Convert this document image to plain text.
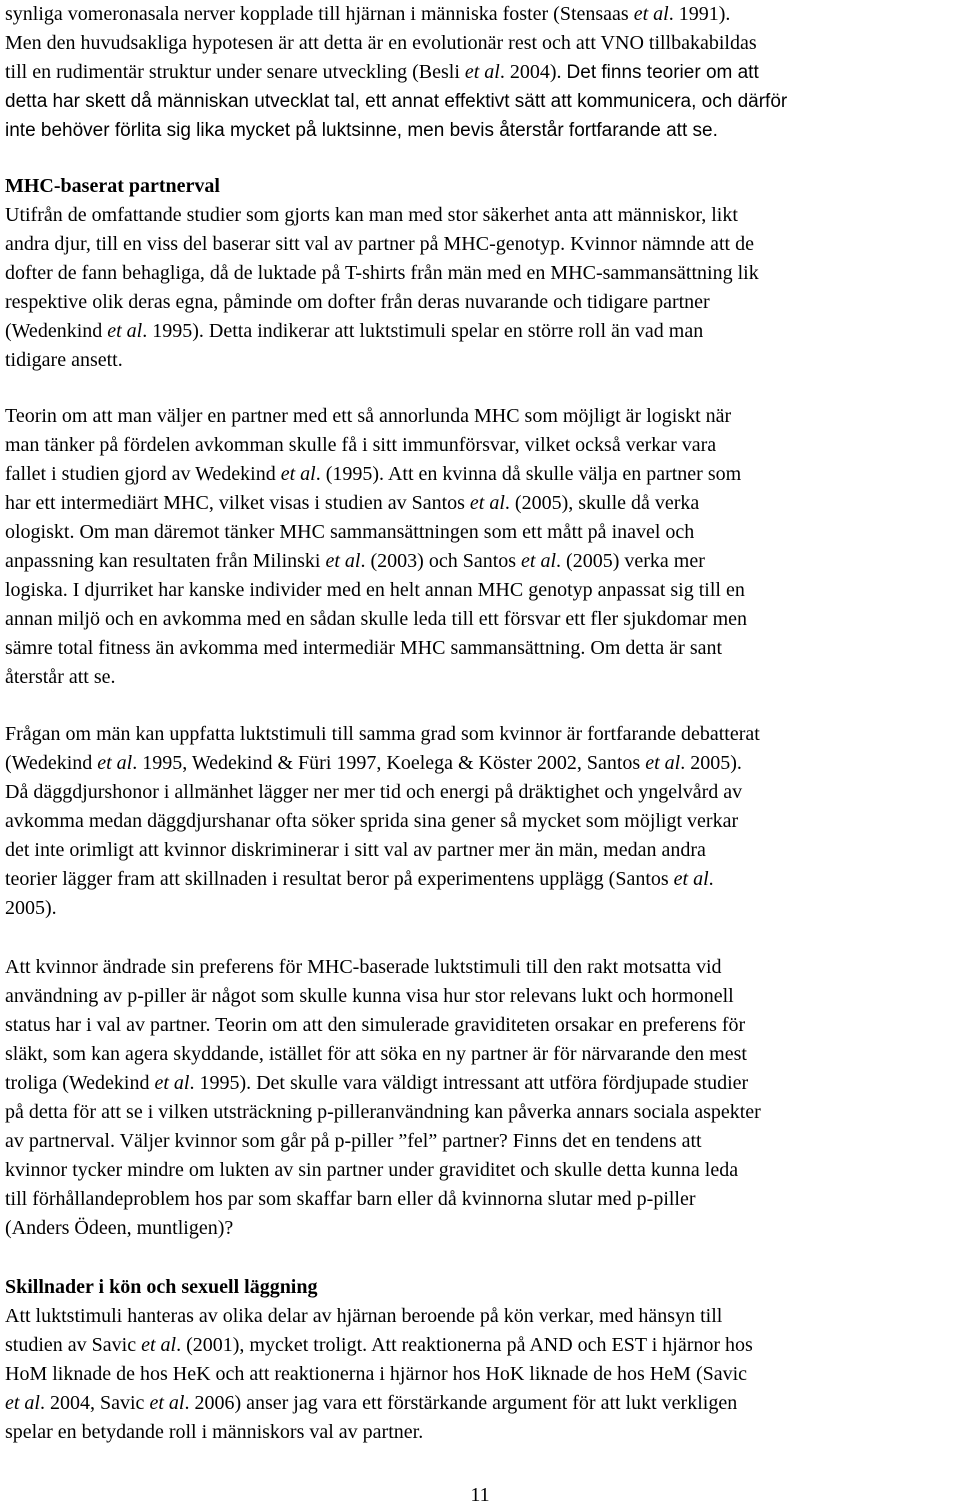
synliga vomeronasala nerver kopplade till hjärnan i människa foster (Stensaas et al. 1991).
Men den huvudsakliga hypotesen är att detta är en evolutionär rest och att VNO tillbakabildas
till en rudimentär struktur under senare utveckling (Besli et al. 2004). Det finns teorier om att
detta har skett då människan utvecklat tal, ett annat effektivt sätt att kommunicera, och därför
inte behöver förlita sig lika mycket på luktsinne, men bevis återstår fortfarande att se.
MHC-baserat partnerval
Utifrån de omfattande studier som gjorts kan man med stor säkerhet anta att människor, likt
andra djur, till en viss del baserar sitt val av partner på MHC-genotyp. Kvinnor nämnde att de
dofter de fann behagliga, då de luktade på T-shirts från män med en MHC-sammansättning lik
respektive olik deras egna, påminde om dofter från deras nuvarande och tidigare partner
(Wedenkind et al. 1995). Detta indikerar att luktstimuli spelar en större roll än vad man
tidigare ansett.
Teorin om att man väljer en partner med ett så annorlunda MHC som möjligt är logiskt när
man tänker på fördelen avkomman skulle få i sitt immunförsvar, vilket också verkar vara
fallet i studien gjord av Wedekind et al. (1995). Att en kvinna då skulle välja en partner som
har ett intermediärt MHC, vilket visas i studien av Santos et al. (2005), skulle då verka
ologiskt. Om man däremot tänker MHC sammansättningen som ett mått på inavel och
anpassning kan resultaten från Milinski et al. (2003) och Santos et al. (2005) verka mer
logiska. I djurriket har kanske individer med en helt annan MHC genotyp anpassat sig till en
annan miljö och en avkomma med en sådan skulle leda till ett försvar ett fler sjukdomar men
sämre total fitness än avkomma med intermediär MHC sammansättning. Om detta är sant
återstår att se.
Frågan om män kan uppfatta luktstimuli till samma grad som kvinnor är fortfarande debatterat
(Wedekind et al. 1995, Wedekind & Füri 1997, Koelega & Köster 2002, Santos et al. 2005).
Då däggdjurshonor i allmänhet lägger ner mer tid och energi på dräktighet och yngelvård av
avkomma medan däggdjurshanar ofta söker sprida sina gener så mycket som möjligt verkar
det inte orimligt att kvinnor diskriminerar i sitt val av partner mer än män, medan andra
teorier lägger fram att skillnaden i resultat beror på experimentens upplägg (Santos et al.
2005).
Att kvinnor ändrade sin preferens för MHC-baserade luktstimuli till den rakt motsatta vid
användning av p-piller är något som skulle kunna visa hur stor relevans lukt och hormonell
status har i val av partner. Teorin om att den simulerade graviditeten orsakar en preferens för
släkt, som kan agera skyddande, istället för att söka en ny partner är för närvarande den mest
troliga (Wedekind et al. 1995). Det skulle vara väldigt intressant att utföra fördjupade studier
på detta för att se i vilken utsträckning p-pilleranvändning kan påverka annars sociala aspekter
av partnerval. Väljer kvinnor som går på p-piller ”fel” partner? Finns det en tendens att
kvinnor tycker mindre om lukten av sin partner under graviditet och skulle detta kunna leda
till förhållandeproblem hos par som skaffar barn eller då kvinnorna slutar med p-piller
(Anders Ödeen, muntligen)?
Skillnader i kön och sexuell läggning
Att luktstimuli hanteras av olika delar av hjärnan beroende på kön verkar, med hänsyn till
studien av Savic et al. (2001), mycket troligt. Att reaktionerna på AND och EST i hjärnor hos
HoM liknade de hos HeK och att reaktionerna i hjärnor hos HoK liknade de hos HeM (Savic
et al. 2004, Savic et al. 2006) anser jag vara ett förstärkande argument för att lukt verkligen
spelar en betydande roll i människors val av partner.
11
